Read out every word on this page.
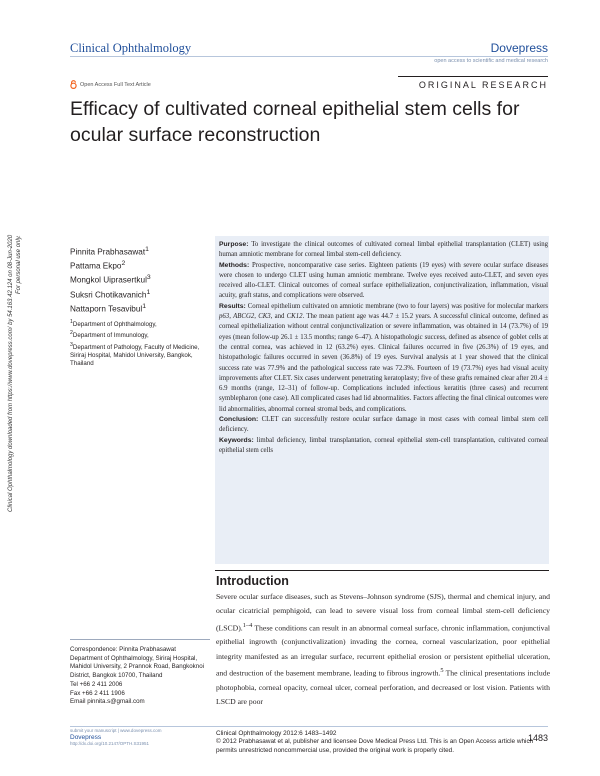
Clinical Ophthalmology	Dovepress
open access to scientific and medical research
Open Access Full Text Article	ORIGINAL RESEARCH
Efficacy of cultivated corneal epithelial stem cells for ocular surface reconstruction
Clinical Ophthalmology downloaded from https://www.dovepress.com/ by 54.163.42.124 on 08-Jun-2020 For personal use only.	Pinnita Prabhasawat$^1$
Pattama Ekpo$^2$
Mongkol Uiprasertkul$^3$
Suksri Chotikavanich$^1$
Nattaporn Tesavibul$^1$
$^1$Department of Ophthalmology,
$^2$Department of Immunology,
$^3$Department of Pathology, Faculty of Medicine, Siriraj Hospital, Mahidol University, Bangkok, Thailand

Purpose: To investigate the clinical outcomes of cultivated corneal limbal epithelial transplantation (CLET) using human amniotic membrane for corneal limbal stem-cell deficiency.

Methods: Prospective, noncomparative case series. Eighteen patients (19 eyes) with severe ocular surface diseases were chosen to undergo CLET using human amniotic membrane. Twelve eyes received auto-CLET, and seven eyes received allo-CLET. Clinical outcomes of corneal surface epithelialization, conjunctivalization, inflammation, visual acuity, graft status, and complications were observed.

Results: Corneal epithelium cultivated on amniotic membrane (two to four layers) was positive for molecular markers p63, ABCG2, CK3, and CK12. The mean patient age was 44.7 ± 15.2 years. A successful clinical outcome, defined as corneal epithelialization without central conjunctivalization or severe inflammation, was obtained in 14 (73.7%) of 19 eyes (mean follow-up 26.1 ± 13.5 months; range 6–47). A histopathologic success, defined as absence of goblet cells at the central cornea, was achieved in 12 (63.2%) eyes. Clinical failures occurred in five (26.3%) of 19 eyes, and histopathologic failures occurred in seven (36.8%) of 19 eyes. Survival analysis at 1 year showed that the clinical success rate was 77.9% and the pathological success rate was 72.3%. Fourteen of 19 (73.7%) eyes had visual acuity improvements after CLET. Six cases underwent penetrating keratoplasty; five of these grafts remained clear after 20.4 ± 6.9 months (range, 12–31) of follow-up. Complications included infectious keratitis (three cases) and recurrent symblepharon (one case). All complicated cases had lid abnormalities. Factors affecting the final clinical outcomes were lid abnormalities, abnormal corneal stromal beds, and complications.

Conclusion: CLET can successfully restore ocular surface damage in most cases with corneal limbal stem cell deficiency.

Keywords: limbal deficiency, limbal transplantation, corneal epithelial stem-cell transplantation, cultivated corneal epithelial stem cells

Introduction
Severe ocular surface diseases, such as Stevens–Johnson syndrome (SJS), thermal and chemical injury, and ocular cicatricial pemphigoid, can lead to severe visual loss from corneal limbal stem-cell deficiency (LSCD).$^{1-4}$ These conditions can result in an abnormal corneal surface, chronic inflammation, conjunctival epithelial ingrowth (conjunctivalization) invading the cornea, corneal vascularization, poor epithelial integrity manifested as an irregular surface, recurrent epithelial erosion or persistent epithelial ulceration, and destruction of the basement membrane, leading to fibrous ingrowth.$^5$ The clinical presentations include photophobia, corneal opacity, corneal ulcer, corneal perforation, and decreased or lost vision. Patients with LSCD are poor
Correspondence: Pinnita Prabhasawat
Department of Ophthalmology, Siriraj Hospital, Mahidol University, 2 Prannok Road, Bangkoknoi District, Bangkok 10700, Thailand
Tel +66 2 411 2006
Fax +66 2 411 1906
Email pinnita.s@gmail.com
submit your manuscript | www.dovepress.com
Dovepress
http://dx.doi.org/10.2147/OPTH.S31951
Clinical Ophthalmology 2012:6 1483–1492
© 2012 Prabhasawat et al, publisher and licensee Dove Medical Press Ltd. This is an Open Access article which permits unrestricted noncommercial use, provided the original work is properly cited.
1483
